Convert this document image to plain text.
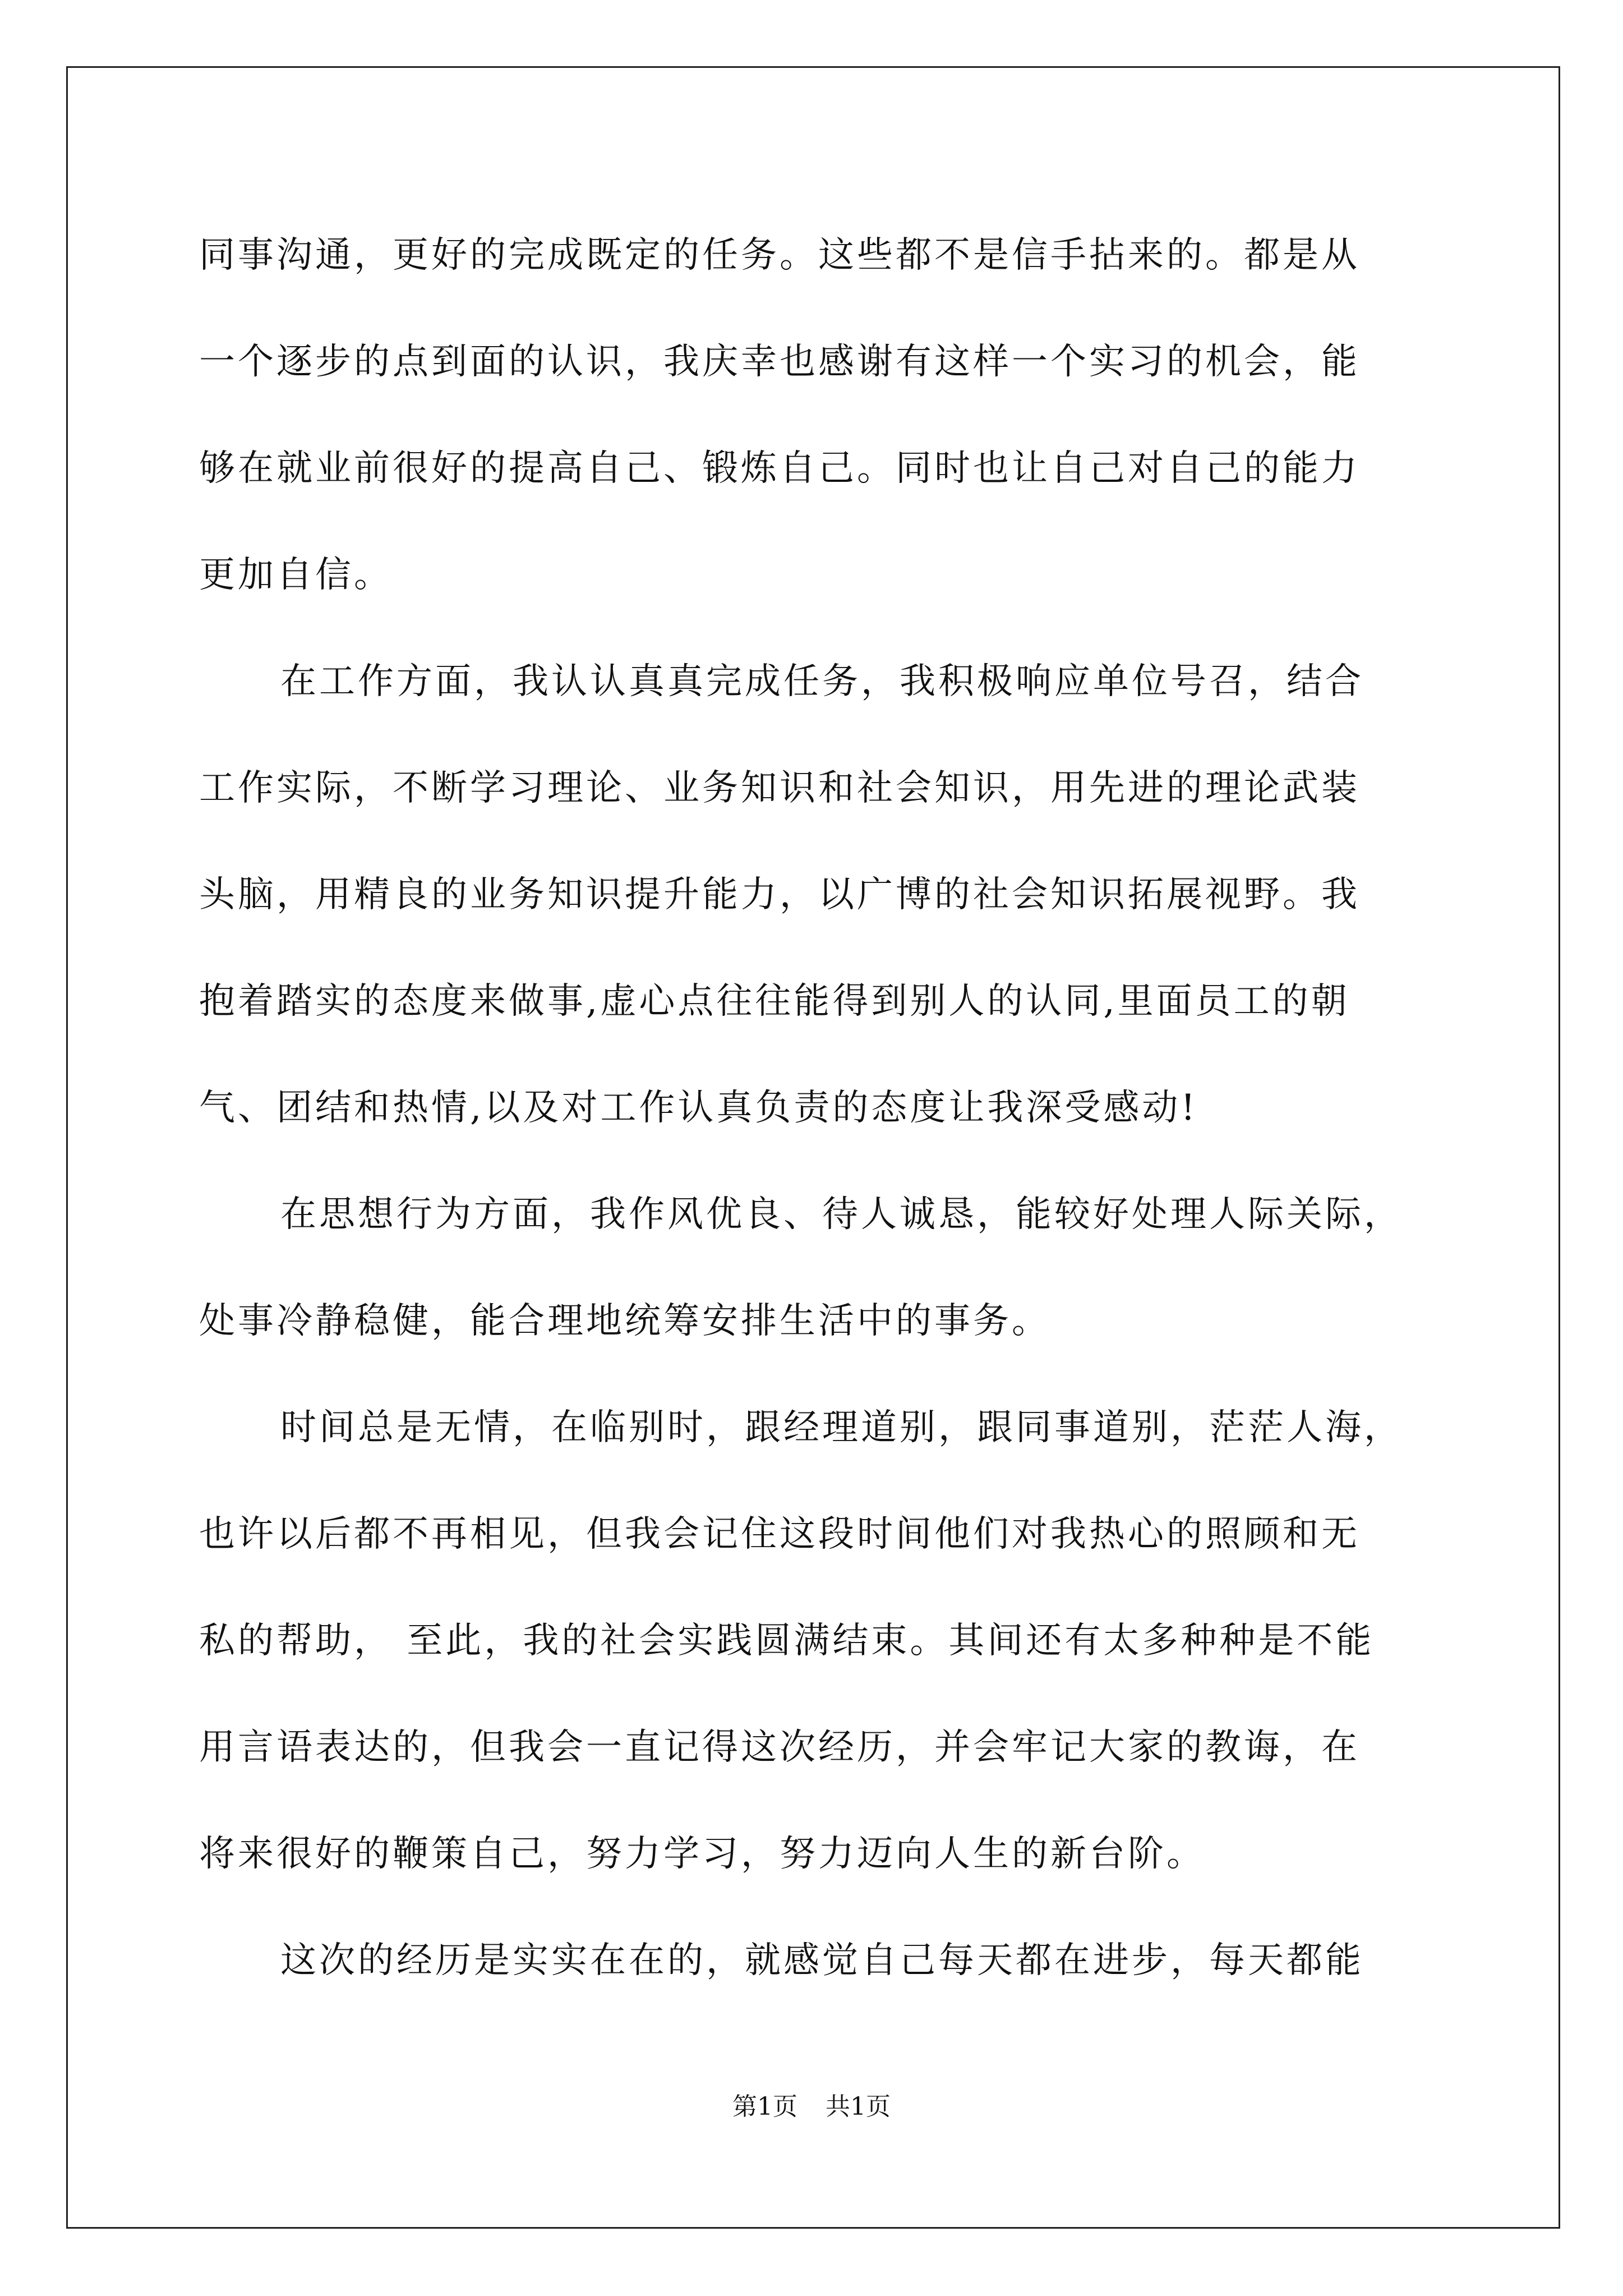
同事沟通，更好的完成既定的任务。这些都不是信手拈来的。都是从
一个逐步的点到面的认识，我庆幸也感谢有这样一个实习的机会，能
够在就业前很好的提高自己、锻炼自己。同时也让自己对自己的能力
更加自信。
在工作方面，我认认真真完成任务，我积极响应单位号召，结合
工作实际，不断学习理论、业务知识和社会知识，用先进的理论武装
头脑，用精良的业务知识提升能力，以广博的社会知识拓展视野。我
抱着踏实的态度来做事,虚心点往往能得到别人的认同,里面员工的朝
气、团结和热情,以及对工作认真负责的态度让我深受感动!
在思想行为方面，我作风优良、待人诚恳，能较好处理人际关际，
处事冷静稳健，能合理地统筹安排生活中的事务。
时间总是无情，在临别时，跟经理道别，跟同事道别，茫茫人海，
也许以后都不再相见，但我会记住这段时间他们对我热心的照顾和无
私的帮助， 至此，我的社会实践圆满结束。其间还有太多种种是不能
用言语表达的，但我会一直记得这次经历，并会牢记大家的教诲，在
将来很好的鞭策自己，努力学习，努力迈向人生的新台阶。
这次的经历是实实在在的，就感觉自己每天都在进步，每天都能
第1页 共1页
